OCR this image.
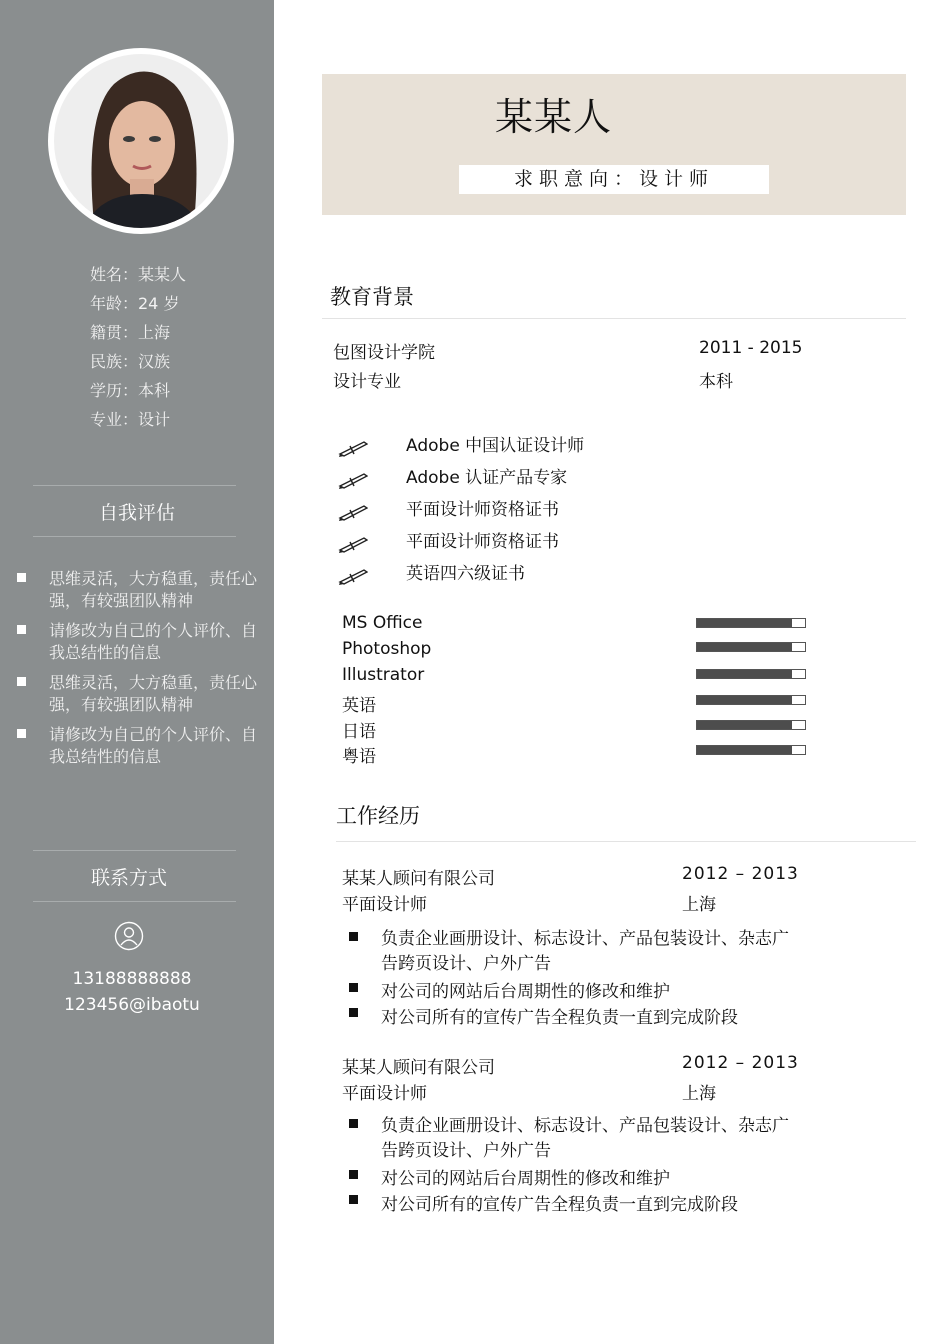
姓名：某某人
年龄：24 岁
籍贯：上海
民族：汉族
学历：本科
专业：设计
自我评估
思维灵活，大方稳重，责任心强，有较强团队精神
请修改为自己的个人评价、自我总结性的信息
思维灵活，大方稳重，责任心强，有较强团队精神
请修改为自己的个人评价、自我总结性的信息
联系方式
13188888888
123456@ibaotu
某某人
求职意向：设计师
教育背景
包图设计学院	2011 - 2015
设计专业	本科
Adobe 中国认证设计师
Adobe 认证产品专家
平面设计师资格证书
平面设计师资格证书
英语四六级证书
MS Office
Photoshop
Illustrator
英语
日语
粤语
工作经历
某某人顾问有限公司	2012 – 2013
平面设计师	上海
负责企业画册设计、标志设计、产品包装设计、杂志广告跨页设计、户外广告
对公司的网站后台周期性的修改和维护
对公司所有的宣传广告全程负责一直到完成阶段
某某人顾问有限公司	2012 – 2013
平面设计师	上海
负责企业画册设计、标志设计、产品包装设计、杂志广告跨页设计、户外广告
对公司的网站后台周期性的修改和维护
对公司所有的宣传广告全程负责一直到完成阶段
